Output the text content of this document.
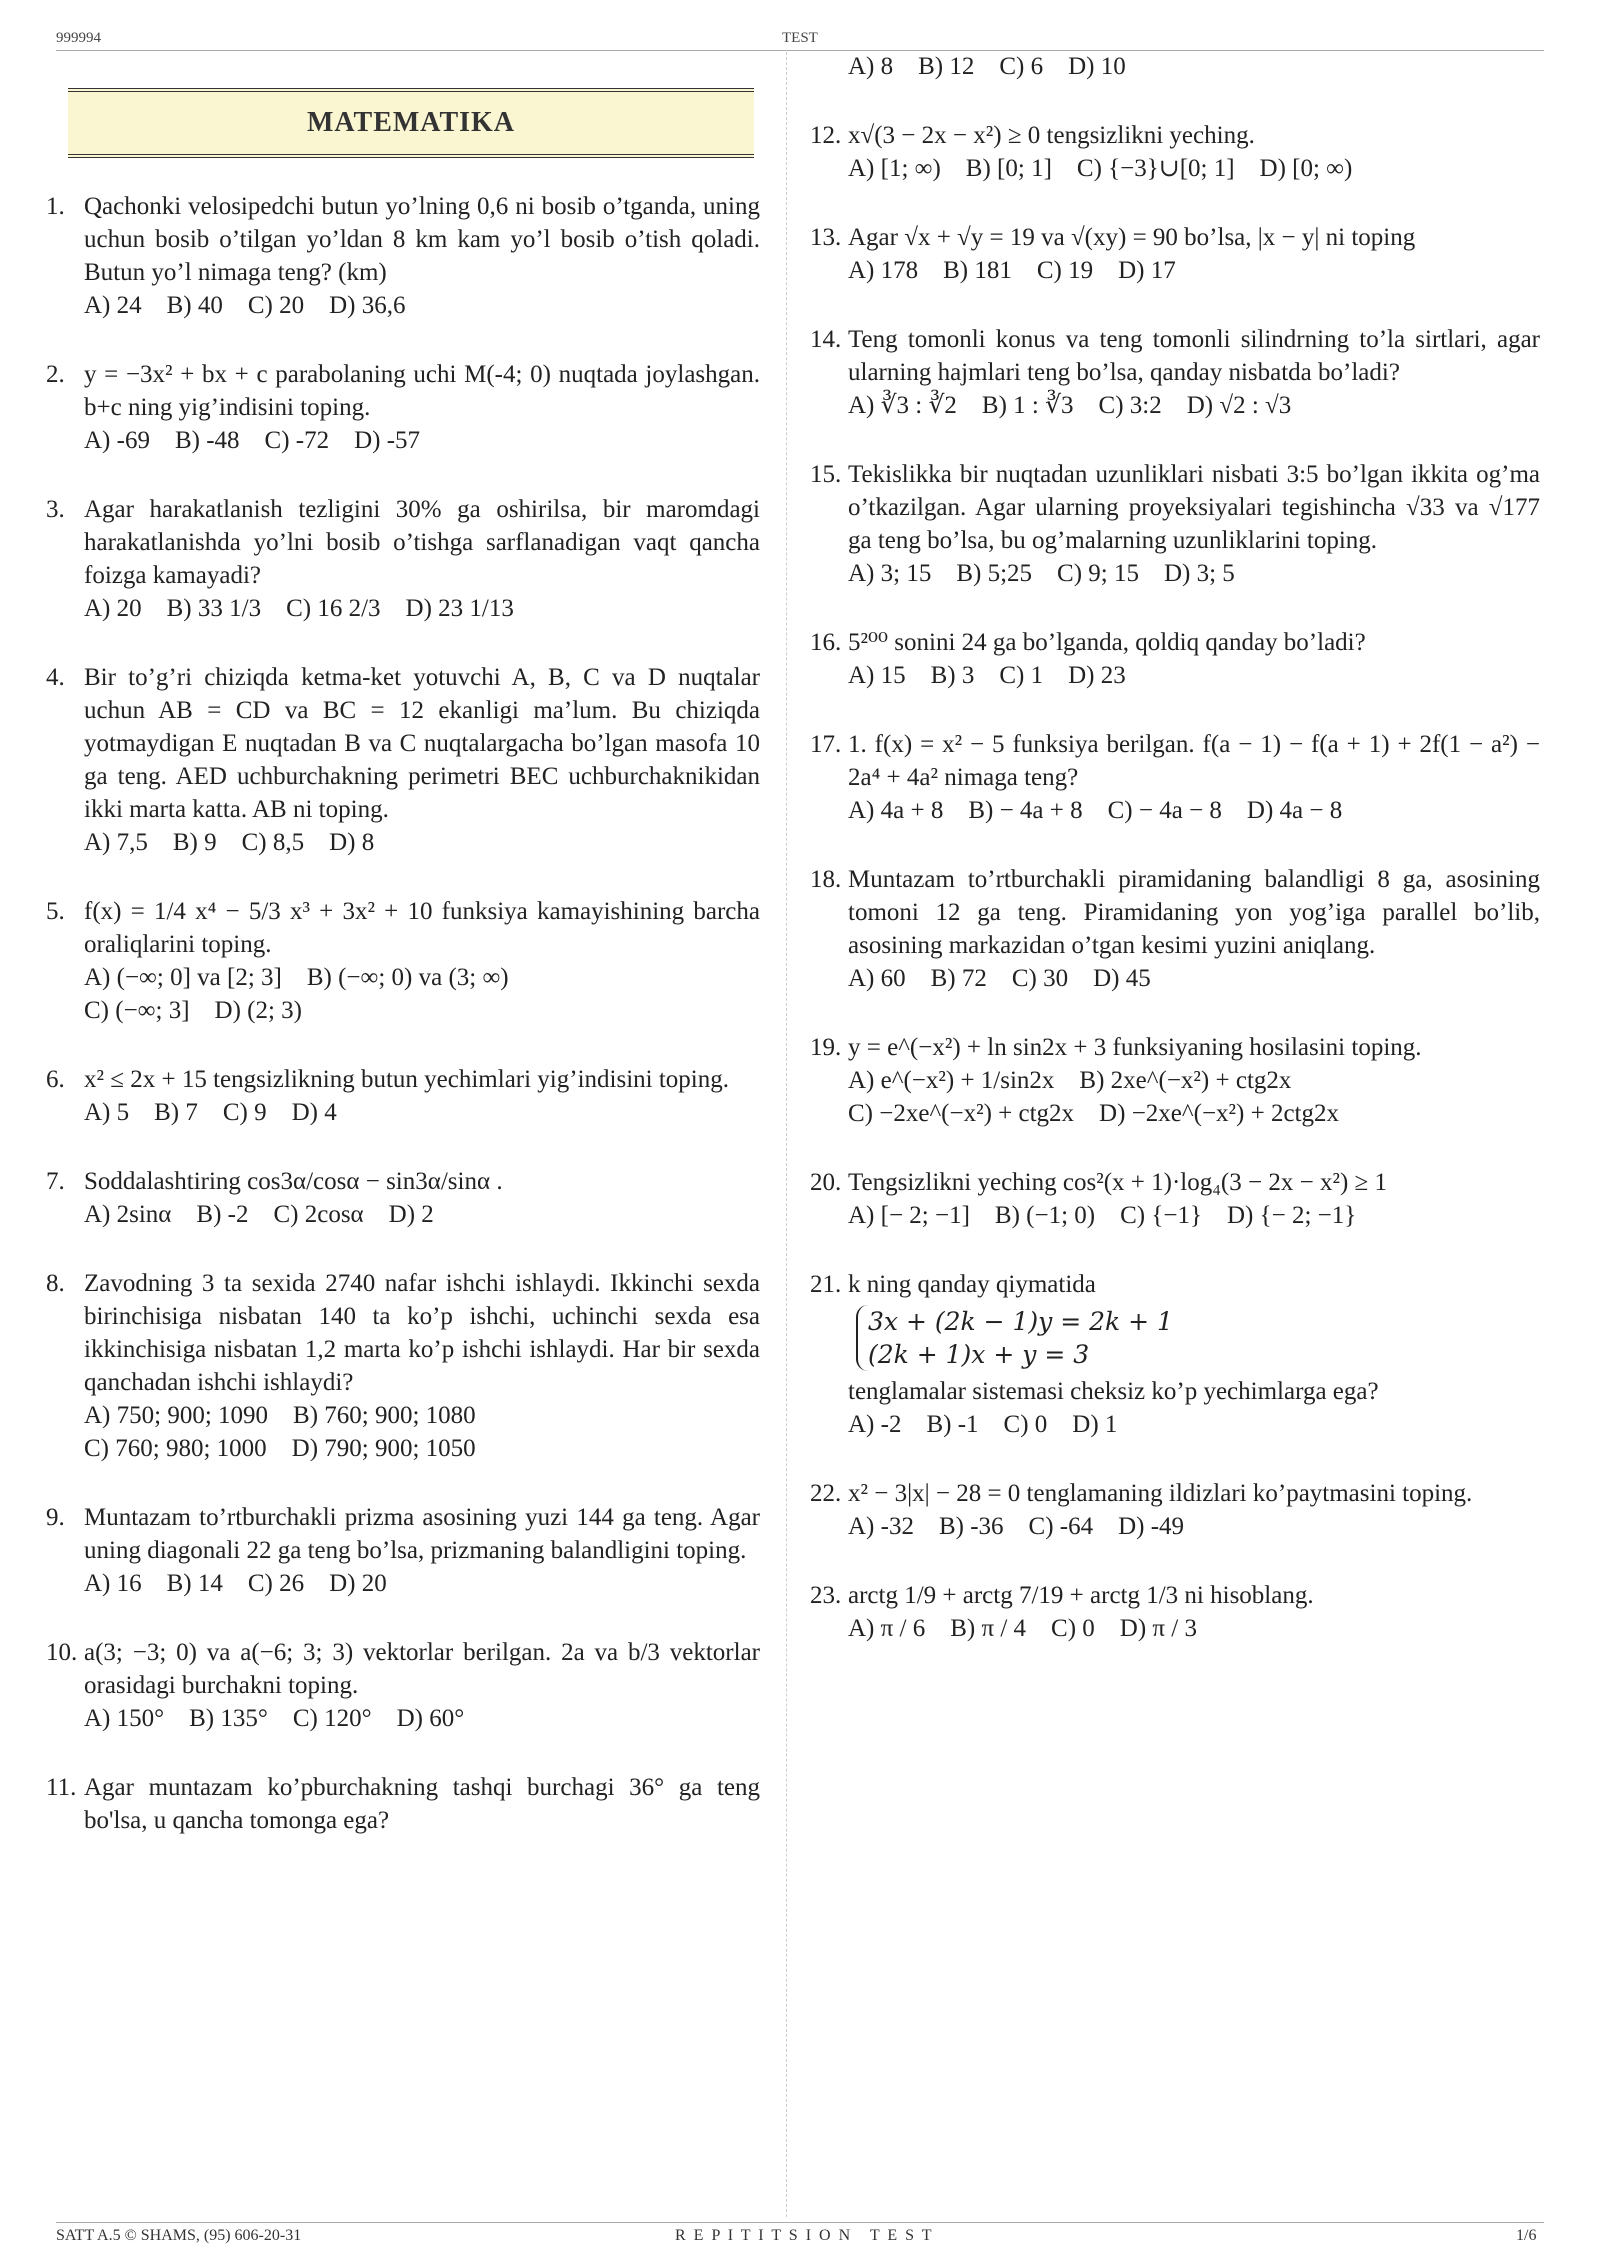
999994	TEST
MATEMATIKA
1. Qachonki velosipedchi butun yo’lning 0,6 ni bosib o’tganda, uning uchun bosib o’tilgan yo’ldan 8 km kam yo’l bosib o’tish qoladi. Butun yo’l nimaga teng? (km)
A) 24    B) 40    C) 20    D) 36,6
2. y = −3x² + bx + c parabolaning uchi M(-4; 0) nuqtada joylashgan. b+c ning yig’indisini toping.
A) -69    B) -48    C) -72    D) -57
3. Agar harakatlanish tezligini 30% ga oshirilsa, bir maromdagi harakatlanishda yo’lni bosib o’tishga sarflanadigan vaqt qancha foizga kamayadi?
A) 20    B) 33 1/3    C) 16 2/3    D) 23 1/13
4. Bir to’g’ri chiziqda ketma-ket yotuvchi A, B, C va D nuqtalar uchun AB = CD va BC = 12 ekanligi ma’lum. Bu chiziqda yotmaydigan E nuqtadan B va C nuqtalargacha bo’lgan masofa 10 ga teng. AED uchburchakning perimetri BEC uchburchaknikidan ikki marta katta. AB ni toping.
A) 7,5    B) 9    C) 8,5    D) 8
5. f(x) = 1/4 x⁴ − 5/3 x³ + 3x² + 10 funksiya kamayishining barcha oraliqlarini toping.
A) (−∞; 0] va [2; 3]    B) (−∞; 0) va (3; ∞)
C) (−∞; 3]    D) (2; 3)
6. x² ≤ 2x + 15 tengsizlikning butun yechimlari yig’indisini toping.
A) 5    B) 7    C) 9    D) 4
7. Soddalashtiring cos3α/cosα − sin3α/sinα .
A) 2sinα    B) -2    C) 2cosα    D) 2
8. Zavodning 3 ta sexida 2740 nafar ishchi ishlaydi. Ikkinchi sexda birinchisiga nisbatan 140 ta ko’p ishchi, uchinchi sexda esa ikkinchisiga nisbatan 1,2 marta ko’p ishchi ishlaydi. Har bir sexda qanchadan ishchi ishlaydi?
A) 750; 900; 1090    B) 760; 900; 1080
C) 760; 980; 1000    D) 790; 900; 1050
9. Muntazam to’rtburchakli prizma asosining yuzi 144 ga teng. Agar uning diagonali 22 ga teng bo’lsa, prizmaning balandligini toping.
A) 16    B) 14    C) 26    D) 20
10. a(3; −3; 0) va a(−6; 3; 3) vektorlar berilgan. 2a va b/3 vektorlar orasidagi burchakni toping.
A) 150°    B) 135°    C) 120°    D) 60°
11. Agar muntazam ko’pburchakning tashqi burchagi 36° ga teng bo'lsa, u qancha tomonga ega?
A) 8    B) 12    C) 6    D) 10
12. x√(3 − 2x − x²) ≥ 0 tengsizlikni yeching.
A) [1; ∞)    B) [0; 1]    C) {−3}∪[0; 1]    D) [0; ∞)
13. Agar √x + √y = 19 va √(xy) = 90 bo’lsa, |x − y| ni toping
A) 178    B) 181    C) 19    D) 17
14. Teng tomonli konus va teng tomonli silindrning to’la sirtlari, agar ularning hajmlari teng bo’lsa, qanday nisbatda bo’ladi?
A) ∛3 : ∛2    B) 1 : ∛3    C) 3:2    D) √2 : √3
15. Tekislikka bir nuqtadan uzunliklari nisbati 3:5 bo’lgan ikkita og’ma o’tkazilgan. Agar ularning proyeksiyalari tegishincha √33 va √177 ga teng bo’lsa, bu og’malarning uzunliklarini toping.
A) 3; 15    B) 5;25    C) 9; 15    D) 3; 5
16. 5²⁰⁰ sonini 24 ga bo’lganda, qoldiq qanday bo’ladi?
A) 15    B) 3    C) 1    D) 23
17. 1. f(x) = x² − 5 funksiya berilgan. f(a − 1) − f(a + 1) + 2f(1 − a²) − 2a⁴ + 4a² nimaga teng?
A) 4a + 8    B) − 4a + 8    C) − 4a − 8    D) 4a − 8
18. Muntazam to’rtburchakli piramidaning balandligi 8 ga, asosining tomoni 12 ga teng. Piramidaning yon yog’iga parallel bo’lib, asosining markazidan o’tgan kesimi yuzini aniqlang.
A) 60    B) 72    C) 30    D) 45
19. y = e^(−x²) + ln sin2x + 3 funksiyaning hosilasini toping.
A) e^(−x²) + 1/sin2x    B) 2xe^(−x²) + ctg2x
C) −2xe^(−x²) + ctg2x    D) −2xe^(−x²) + 2ctg2x
20. Tengsizlikni yeching cos²(x + 1)·log₄(3 − 2x − x²) ≥ 1
A) [− 2; −1]    B) (−1; 0)    C) {−1}    D) {− 2; −1}
21. k ning qanday qiymatida
3x + (2k − 1)y = 2k + 1
(2k + 1)x + y = 3
tenglamalar sistemasi cheksiz ko’p yechimlarga ega?
A) -2    B) -1    C) 0    D) 1
22. x² − 3|x| − 28 = 0 tenglamaning ildizlari ko’paytmasini toping.
A) -32    B) -36    C) -64    D) -49
23. arctg 1/9 + arctg 7/19 + arctg 1/3 ni hisoblang.
A) π / 6    B) π / 4    C) 0    D) π / 3
SATT A.5 © SHAMS, (95) 606-20-31	R E P I T I T S I O N   T E S T	1/6
